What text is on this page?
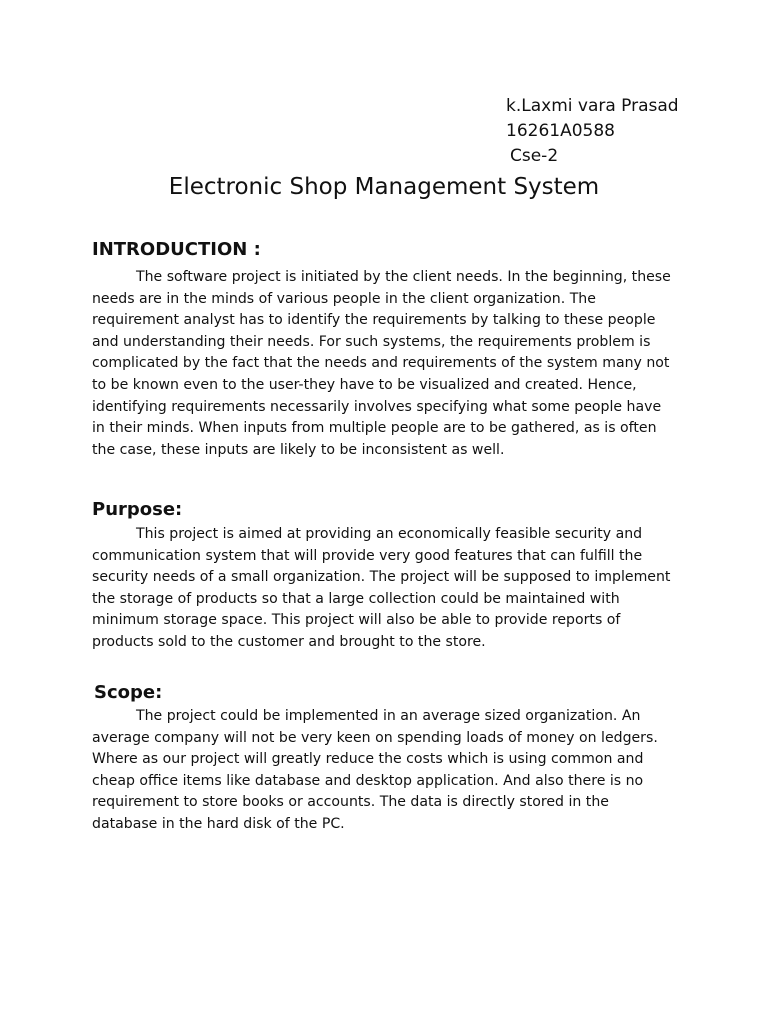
k.Laxmi vara Prasad
16261A0588
Cse-2
Electronic Shop Management System
INTRODUCTION :
The software project is initiated by the client needs. In the beginning, these
needs are in the minds of various people in the client organization. The
requirement analyst has to identify the requirements by talking to these people
and understanding their needs. For such systems, the requirements problem is
complicated by the fact that the needs and requirements of the system many not
to be known even to the user-they have to be visualized and created. Hence,
identifying requirements necessarily involves specifying what some people have
in their minds. When inputs from multiple people are to be gathered, as is often
the case, these inputs are likely to be inconsistent as well.
Purpose:
This project is aimed at providing an economically feasible security and
communication system that will provide very good features that can fulfill the
security needs of a small organization. The project will be supposed to implement
the storage of products so that a large collection could be maintained with
minimum storage space. This project will also be able to provide reports of
products sold to the customer and brought to the store.
Scope:
The project could be implemented in an average sized organization. An
average company will not be very keen on spending loads of money on ledgers.
Where as our project will greatly reduce the costs which is using common and
cheap office items like database and desktop application. And also there is no
requirement to store books or accounts. The data is directly stored in the
database in the hard disk of the PC.
